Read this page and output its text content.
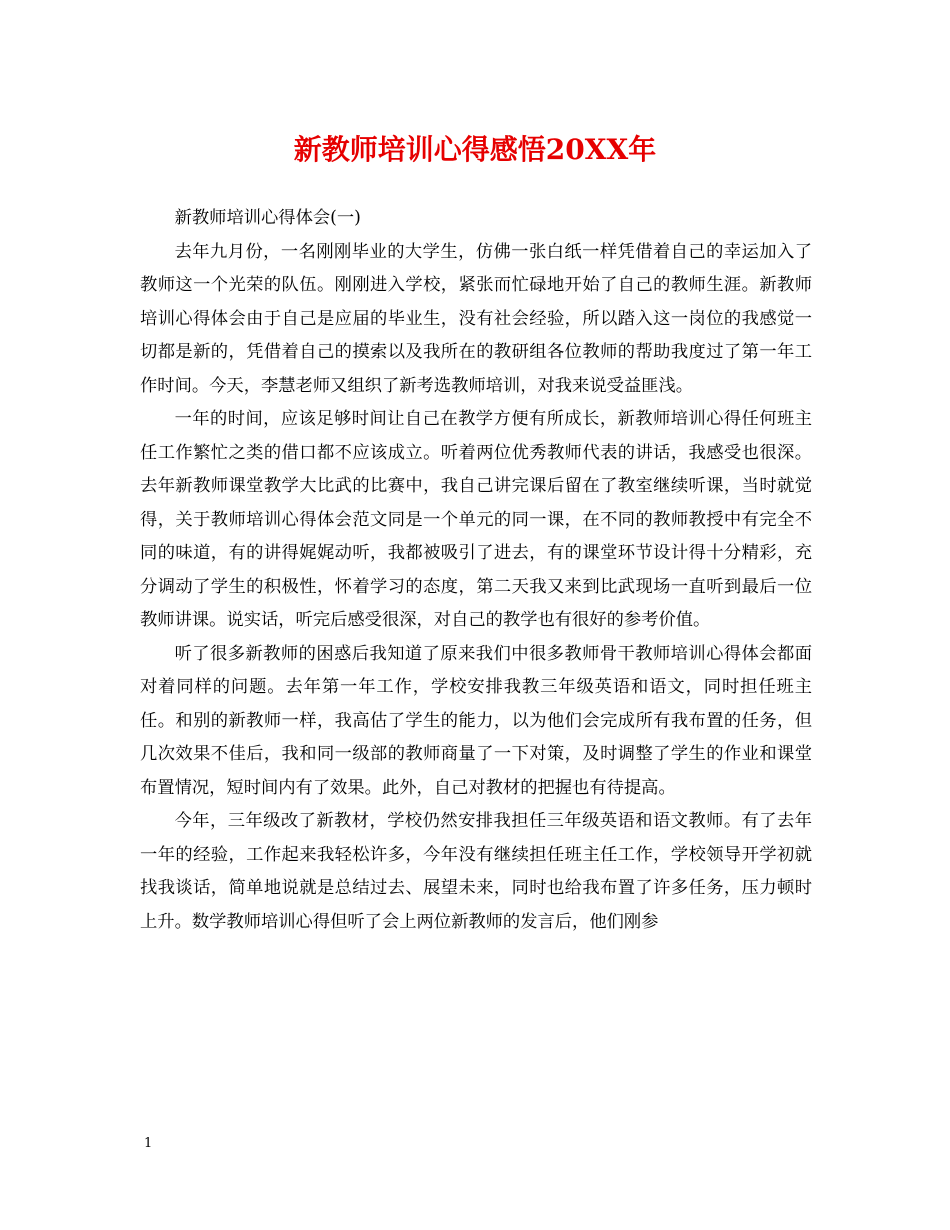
新教师培训心得感悟20XX年

新教师培训心得体会(一)

去年九月份，一名刚刚毕业的大学生，仿佛一张白纸一样凭借着自己的幸运加入了教师这一个光荣的队伍。刚刚进入学校，紧张而忙碌地开始了自己的教师生涯。新教师培训心得体会由于自己是应届的毕业生，没有社会经验，所以踏入这一岗位的我感觉一切都是新的，凭借着自己的摸索以及我所在的教研组各位教师的帮助我度过了第一年工作时间。今天，李慧老师又组织了新考选教师培训，对我来说受益匪浅。

一年的时间，应该足够时间让自己在教学方便有所成长，新教师培训心得任何班主任工作繁忙之类的借口都不应该成立。听着两位优秀教师代表的讲话，我感受也很深。去年新教师课堂教学大比武的比赛中，我自己讲完课后留在了教室继续听课，当时就觉得，关于教师培训心得体会范文同是一个单元的同一课，在不同的教师教授中有完全不同的味道，有的讲得娓娓动听，我都被吸引了进去，有的课堂环节设计得十分精彩，充分调动了学生的积极性，怀着学习的态度，第二天我又来到比武现场一直听到最后一位教师讲课。说实话，听完后感受很深，对自己的教学也有很好的参考价值。

听了很多新教师的困惑后我知道了原来我们中很多教师骨干教师培训心得体会都面对着同样的问题。去年第一年工作，学校安排我教三年级英语和语文，同时担任班主任。和别的新教师一样，我高估了学生的能力，以为他们会完成所有我布置的任务，但几次效果不佳后，我和同一级部的教师商量了一下对策，及时调整了学生的作业和课堂布置情况，短时间内有了效果。此外，自己对教材的把握也有待提高。

今年，三年级改了新教材，学校仍然安排我担任三年级英语和语文教师。有了去年一年的经验，工作起来我轻松许多，今年没有继续担任班主任工作，学校领导开学初就找我谈话，简单地说就是总结过去、展望未来，同时也给我布置了许多任务，压力顿时上升。数学教师培训心得但听了会上两位新教师的发言后，他们刚参

1
